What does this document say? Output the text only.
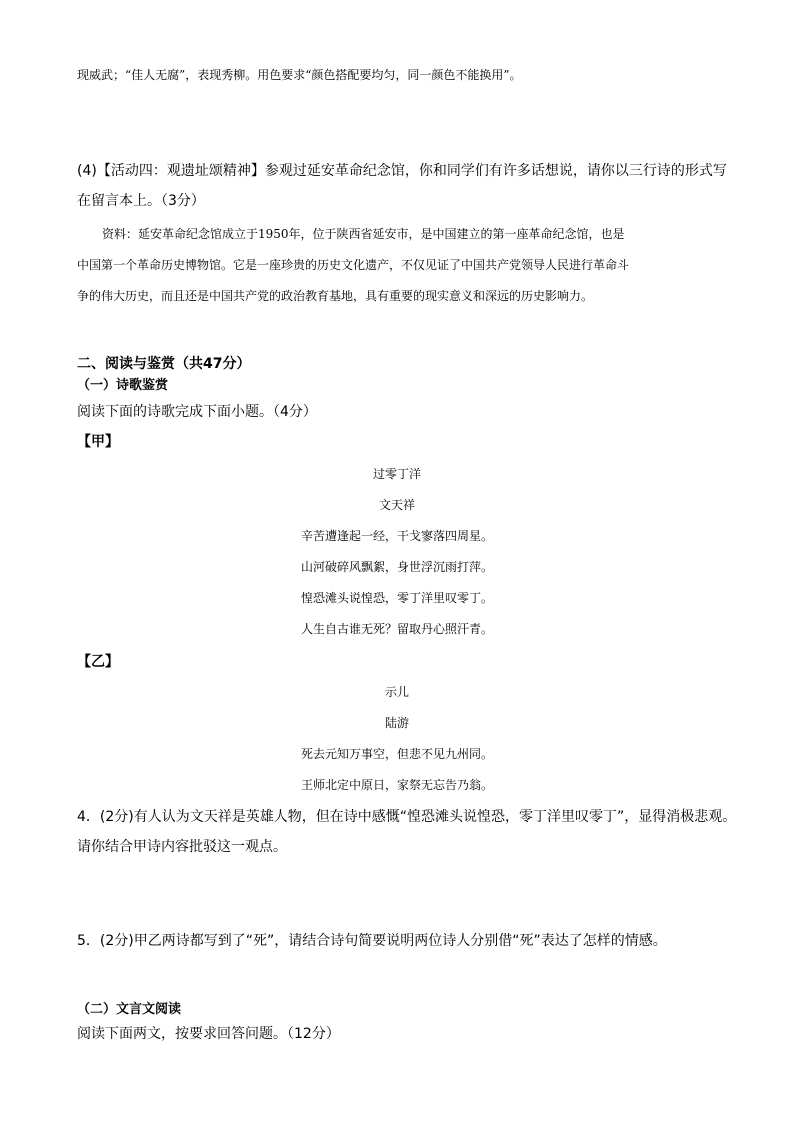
现威武；“佳人无腐”，表现秀柳。用色要求“颜色搭配要均匀，同一颜色不能换用”。
(4)【活动四：观遗址颂精神】参观过延安革命纪念馆，你和同学们有许多话想说，请你以三行诗的形式写
在留言本上。（3分）
资料：延安革命纪念馆成立于1950年，位于陕西省延安市，是中国建立的第一座革命纪念馆，也是
中国第一个革命历史博物馆。它是一座珍贵的历史文化遗产，不仅见证了中国共产党领导人民进行革命斗
争的伟大历史，而且还是中国共产党的政治教育基地，具有重要的现实意义和深远的历史影响力。
二、阅读与鉴赏（共47分）
（一）诗歌鉴赏
阅读下面的诗歌完成下面小题。（4分）
【甲】
过零丁洋
文天祥
辛苦遭逢起一经，干戈寥落四周星。
山河破碎风飘絮，身世浮沉雨打萍。
惶恐滩头说惶恐，零丁洋里叹零丁。
人生自古谁无死？留取丹心照汗青。
【乙】
示儿
陆游
死去元知万事空，但悲不见九州同。
王师北定中原日，家祭无忘告乃翁。
4．(2分)有人认为文天祥是英雄人物，但在诗中感慨“惶恐滩头说惶恐，零丁洋里叹零丁”，显得消极悲观。
请你结合甲诗内容批驳这一观点。
5．(2分)甲乙两诗都写到了“死”，请结合诗句简要说明两位诗人分别借“死”表达了怎样的情感。
（二）文言文阅读
阅读下面两文，按要求回答问题。（12分）
